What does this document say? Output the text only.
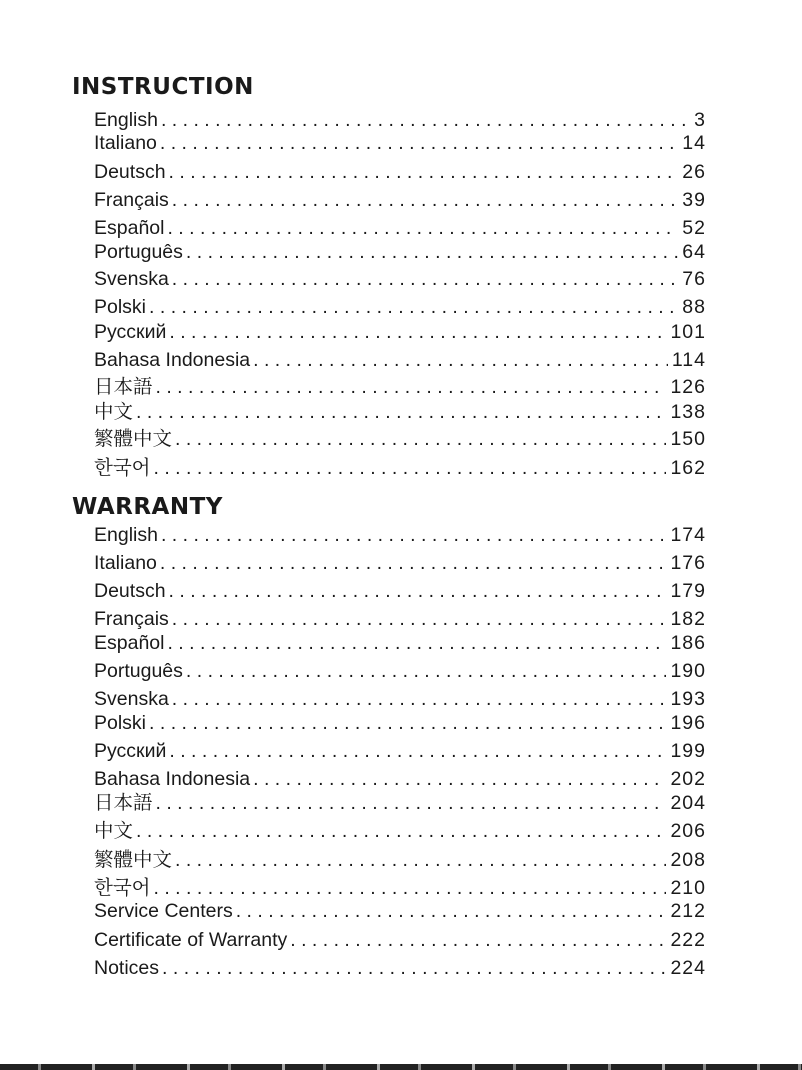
INSTRUCTION
English . . .	3
Italiano . . .	14
Deutsch . . .	26
Français . . .	39
Español . . .	52
Português . . .	64
Svenska . . .	76
Polski . . .	88
Русский . . .	101
Bahasa Indonesia . . .	114
日本語 . . .	126
中文 . . .	138
繁體中文 . . .	150
한국어 . . .	162
WARRANTY
English . . .	174
Italiano . . .	176
Deutsch . . .	179
Français . . .	182
Español . . .	186
Português . . .	190
Svenska . . .	193
Polski . . .	196
Русский . . .	199
Bahasa Indonesia . . .	202
日本語 . . .	204
中文 . . .	206
繁體中文 . . .	208
한국어 . . .	210
Service Centers . . .	212
Certificate of Warranty . . .	222
Notices . . .	224
